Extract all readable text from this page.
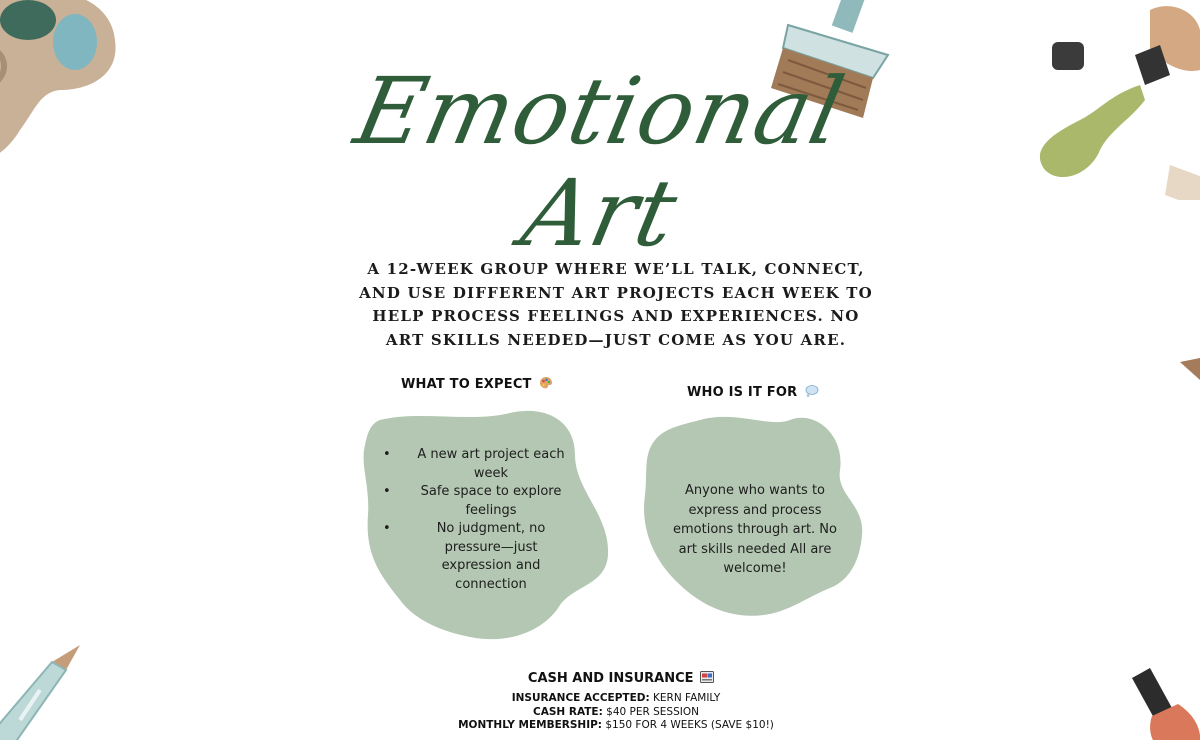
Emotional
Art
A 12-WEEK GROUP WHERE WE’LL TALK, CONNECT,
AND USE DIFFERENT ART PROJECTS EACH WEEK TO
HELP PROCESS FEELINGS AND EXPERIENCES. NO
ART SKILLS NEEDED—JUST COME AS YOU ARE.
WHAT TO EXPECT
• A new art project each week
• Safe space to explore feelings
• No judgment, no pressure—just expression and connection
WHO IS IT FOR
Anyone who wants to express and process emotions through art. No art skills needed All are welcome!
CASH AND INSURANCE
INSURANCE ACCEPTED: KERN FAMILY
CASH RATE: $40 PER SESSION
MONTHLY MEMBERSHIP: $150 FOR 4 WEEKS (SAVE $10!)
